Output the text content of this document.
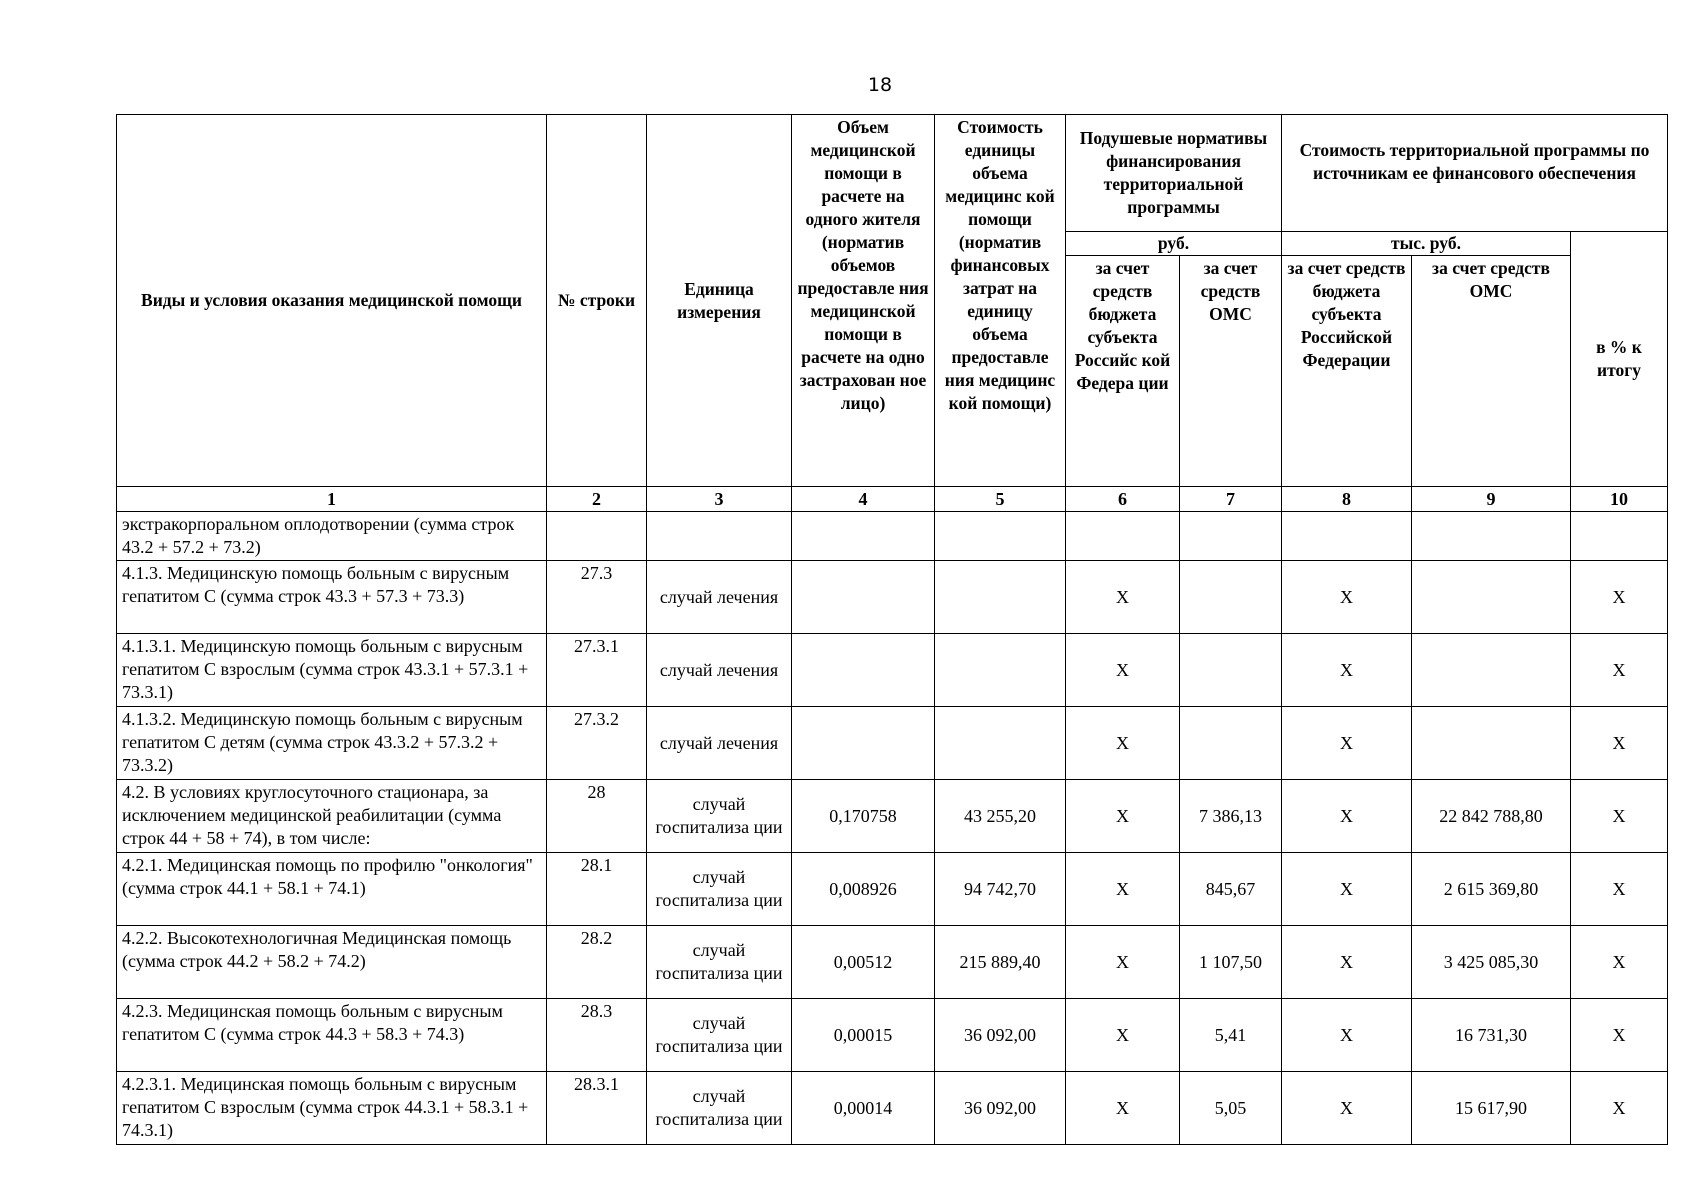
18
Виды и условия оказания медицинской помощи	№ строки	Единица измерения	Объем медицинской помощи в расчете на одного жителя (норматив объемов предоставле ния медицинской помощи в расчете на одно застрахован ное лицо)	Стоимость единицы объема медицинс кой помощи (норматив финансовых затрат на единицу объема предоставле ния медицинс кой помощи)	Подушевые нормативы финансирования территориальной программы		Стоимость территориальной программы по источникам ее финансового обеспечения		
					руб.		тыс. руб.		в % к итогу
					за счет средств бюджета субъекта Российс кой Федера ции	за счет средств ОМС	за счет средств бюджета субъекта Российской Федерации	за счет средств ОМС	
1	2	3	4	5	6	7	8	9	10
экстракорпоральном оплодотворении (сумма строк 43.2 + 57.2 + 73.2)									
4.1.3. Медицинскую помощь больным с вирусным гепатитом С (сумма строк 43.3 + 57.3 + 73.3)	27.3	случай лечения			Х		Х		Х
4.1.3.1. Медицинскую помощь больным с вирусным гепатитом С взрослым (сумма строк 43.3.1 + 57.3.1 + 73.3.1)	27.3.1	случай лечения			Х		Х		Х
4.1.3.2. Медицинскую помощь больным с вирусным гепатитом С детям (сумма строк 43.3.2 + 57.3.2 + 73.3.2)	27.3.2	случай лечения			Х		Х		Х
4.2. В условиях круглосуточного стационара, за исключением медицинской реабилитации (сумма строк 44 + 58 + 74), в том числе:	28	случай госпитализа ции	0,170758	43 255,20	Х	7 386,13	Х	22 842 788,80	Х
4.2.1. Медицинская помощь по профилю "онкология" (сумма строк 44.1 + 58.1 + 74.1)	28.1	случай госпитализа ции	0,008926	94 742,70	Х	845,67	Х	2 615 369,80	Х
4.2.2. Высокотехнологичная Медицинская помощь (сумма строк 44.2 + 58.2 + 74.2)	28.2	случай госпитализа ции	0,00512	215 889,40	Х	1 107,50	Х	3 425 085,30	Х
4.2.3. Медицинская помощь больным с вирусным гепатитом С (сумма строк 44.3 + 58.3 + 74.3)	28.3	случай госпитализа ции	0,00015	36 092,00	Х	5,41	Х	16 731,30	Х
4.2.3.1. Медицинская помощь больным с вирусным гепатитом С взрослым (сумма строк 44.3.1 + 58.3.1 + 74.3.1)	28.3.1	случай госпитализа ции	0,00014	36 092,00	Х	5,05	Х	15 617,90	Х
